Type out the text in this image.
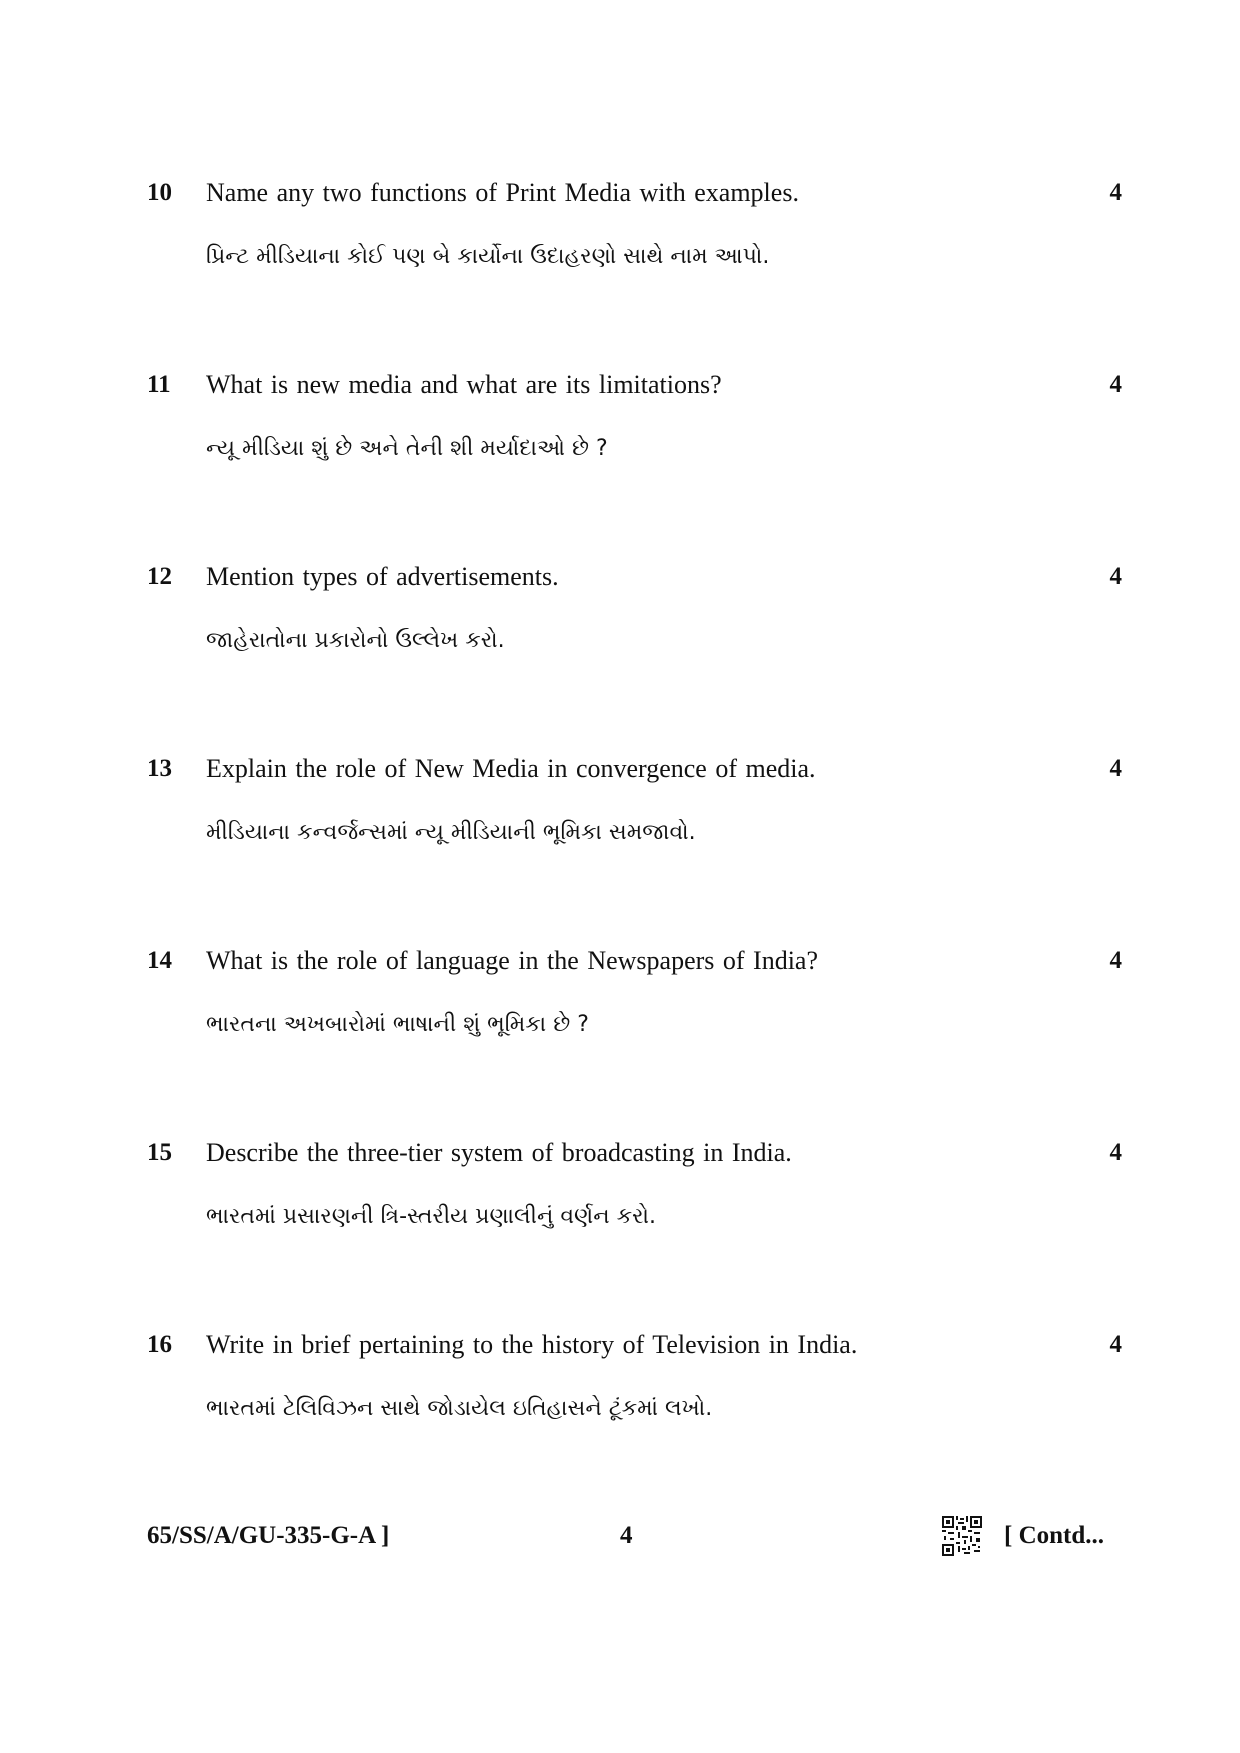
10 Name any two functions of Print Media with examples.
પ્રિન્ટ મીડિયાના કોઈ પણ બે કાર્યોના ઉદાહરણો સાથે નામ આપો.
4
11 What is new media and what are its limitations?
ન્યૂ મીડિયા શું છે અને તેની શી મર્યાદાઓ છે ?
4
12 Mention types of advertisements.
જાહેરાતોના પ્રકારોનો ઉલ્લેખ કરો.
4
13 Explain the role of New Media in convergence of media.
મીડિયાના કન્વર્જન્સમાં ન્યૂ મીડિયાની ભૂમિકા સમજાવો.
4
14 What is the role of language in the Newspapers of India?
ભારતના અખબારોમાં ભાષાની શું ભૂમિકા છે ?
4
15 Describe the three-tier system of broadcasting in India.
ભારતમાં પ્રસારણની ત્રિ-સ્તરીય પ્રણાલીનું વર્ણન કરો.
4
16 Write in brief pertaining to the history of Television in India.
ભારતમાં ટેલિવિઝન સાથે જોડાયેલ ઇતિહાસને ટૂંકમાં લખો.
4
65/SS/A/GU-335-G-A ]	4	[ Contd...
